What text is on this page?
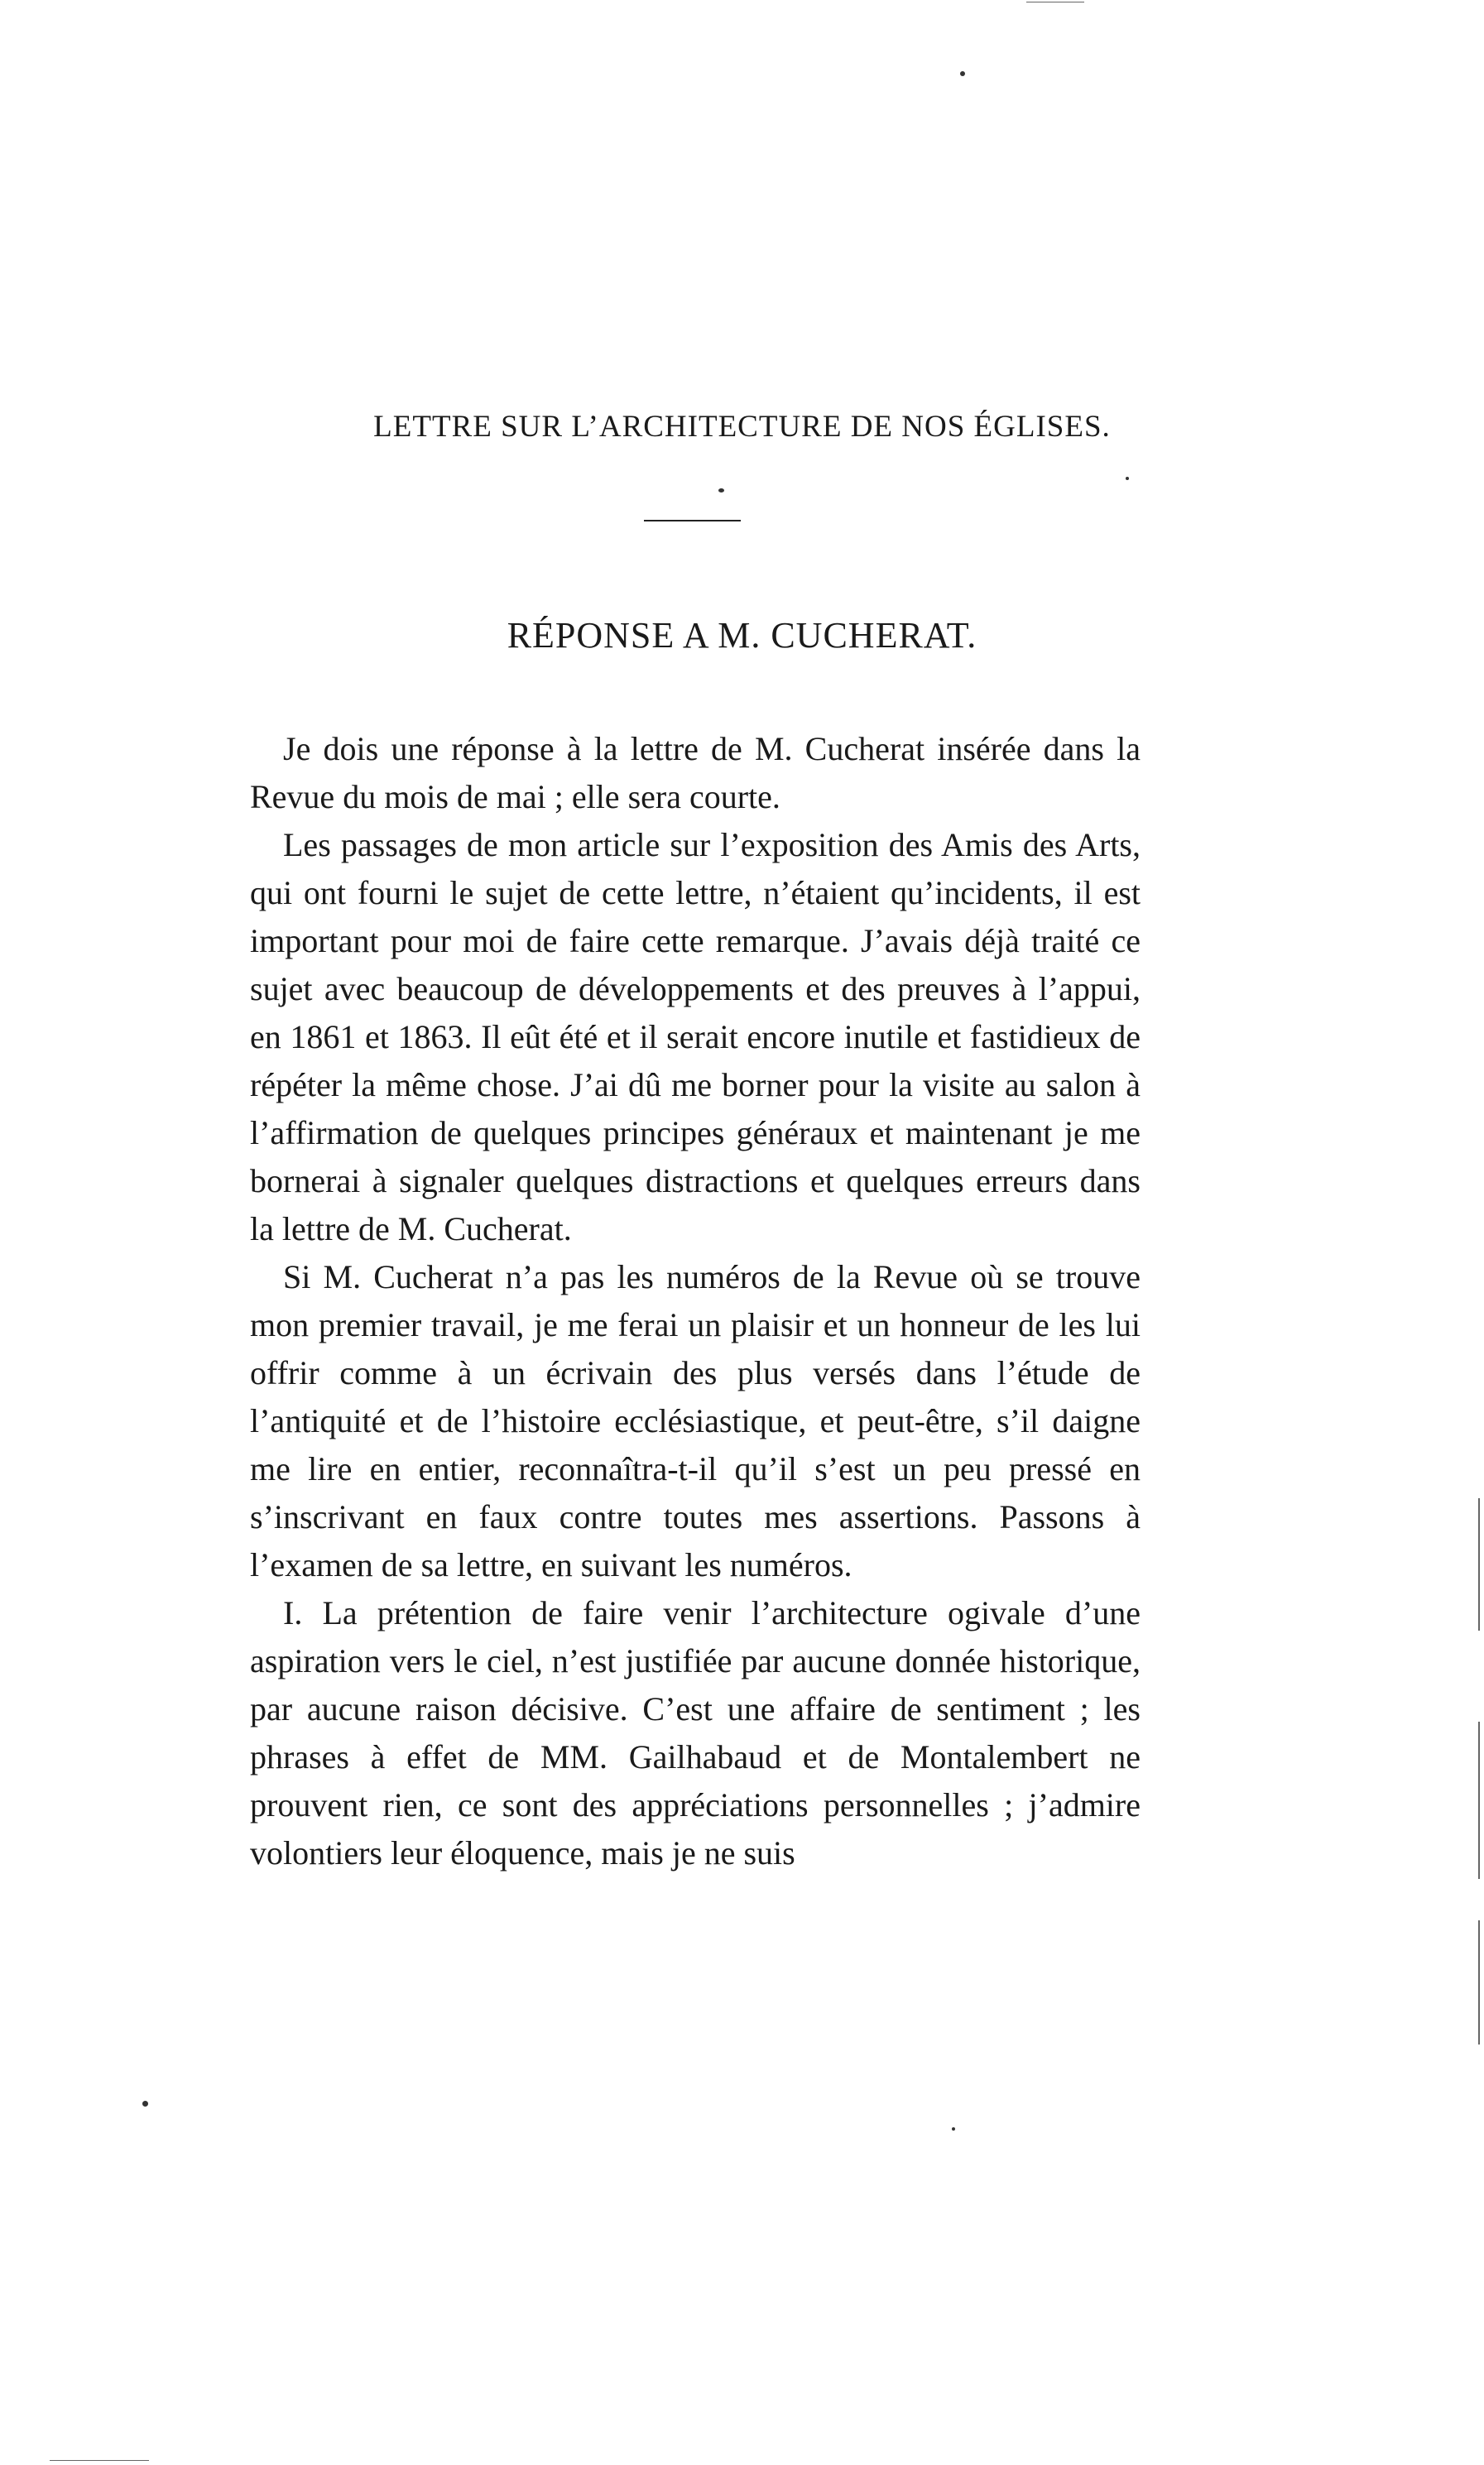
LETTRE SUR L’ARCHITECTURE DE NOS ÉGLISES.
RÉPONSE A M. CUCHERAT.

Je dois une réponse à la lettre de M. Cucherat insérée dans la Revue du mois de mai ; elle sera courte.

Les passages de mon article sur l’exposition des Amis des Arts, qui ont fourni le sujet de cette lettre, n’étaient qu’incidents, il est important pour moi de faire cette remarque. J’avais déjà traité ce sujet avec beaucoup de développements et des preuves à l’appui, en 1861 et 1863. Il eût été et il serait encore inutile et fastidieux de répéter la même chose. J’ai dû me borner pour la visite au salon à l’affirmation de quelques principes généraux et maintenant je me bornerai à signaler quelques distractions et quelques erreurs dans la lettre de M. Cucherat.

Si M. Cucherat n’a pas les numéros de la Revue où se trouve mon premier travail, je me ferai un plaisir et un honneur de les lui offrir comme à un écrivain des plus versés dans l’étude de l’antiquité et de l’histoire ecclésiastique, et peut-être, s’il daigne me lire en entier, reconnaîtra-t-il qu’il s’est un peu pressé en s’inscrivant en faux contre toutes mes assertions. Passons à l’examen de sa lettre, en suivant les numéros.

I. La prétention de faire venir l’architecture ogivale d’une aspiration vers le ciel, n’est justifiée par aucune donnée historique, par aucune raison décisive. C’est une affaire de sentiment ; les phrases à effet de MM. Gailhabaud et de Montalembert ne prouvent rien, ce sont des appréciations personnelles ; j’admire volontiers leur éloquence, mais je ne suis
